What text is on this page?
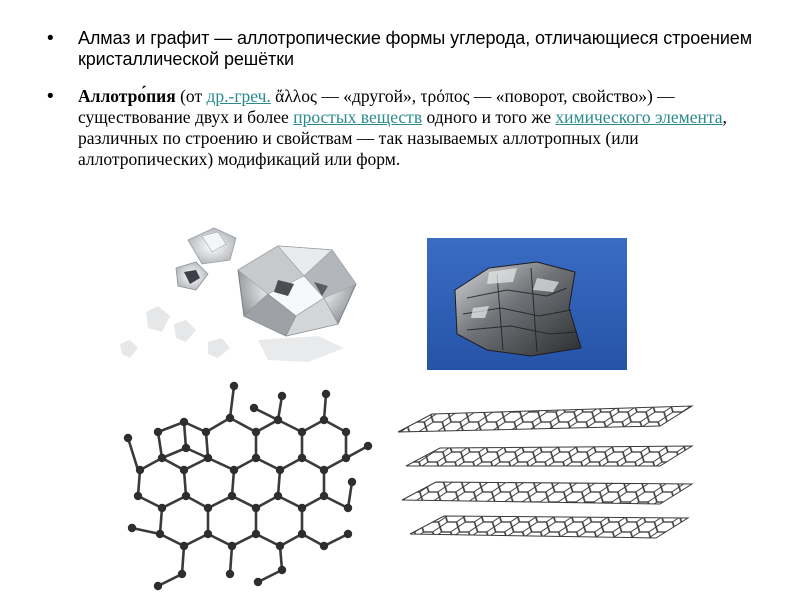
• Алмаз и графит — аллотропические формы углерода, отличающиеся строением кристаллической решётки
• Аллотро́пия (от др.-греч. ἄλλος — «другой», τρόπος — «поворот, свойство») — существование двух и более простых веществ одного и того же химического элемента, различных по строению и свойствам — так называемых аллотропных (или аллотропических) модификаций или форм.
